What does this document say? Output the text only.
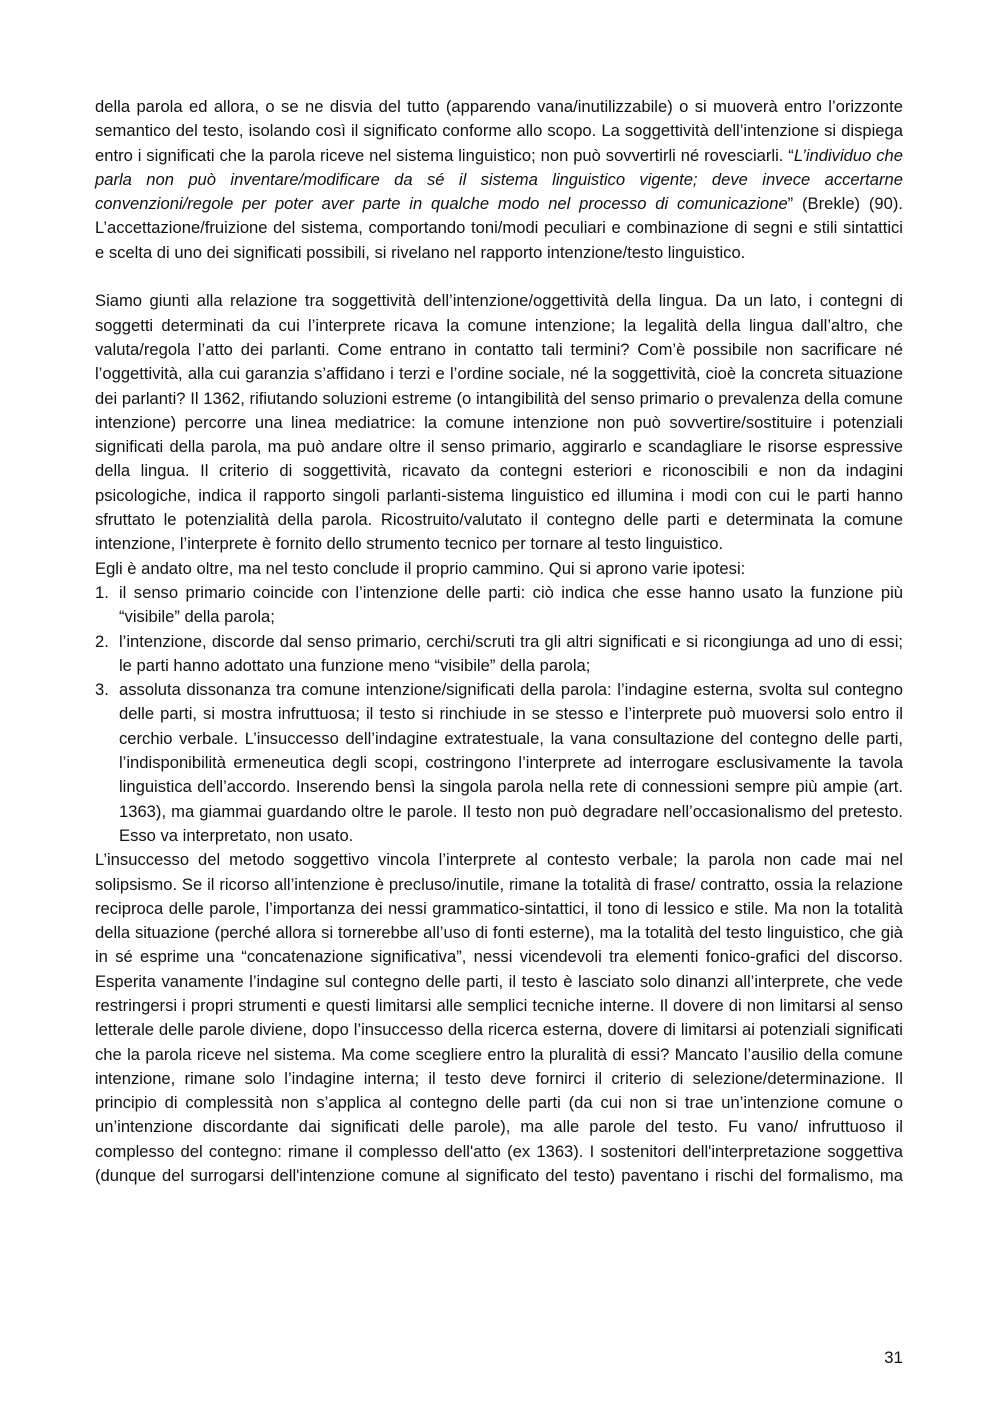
della parola ed allora, o se ne disvia del tutto (apparendo vana/inutilizzabile) o si muoverà entro l’orizzonte semantico del testo, isolando così il significato conforme allo scopo. La soggettività dell’intenzione si dispiega entro i significati che la parola riceve nel sistema linguistico; non può sovvertirli né rovesciarli. “L’individuo che parla non può inventare/modificare da sé il sistema linguistico vigente; deve invece accertarne convenzioni/regole per poter aver parte in qualche modo nel processo di comunicazione” (Brekle) (90). L’accettazione/fruizione del sistema, comportando toni/modi peculiari e combinazione di segni e stili sintattici e scelta di uno dei significati possibili, si rivelano nel rapporto intenzione/testo linguistico.

Siamo giunti alla relazione tra soggettività dell’intenzione/oggettività della lingua. Da un lato, i contegni di soggetti determinati da cui l’interprete ricava la comune intenzione; la legalità della lingua dall’altro, che valuta/regola l’atto dei parlanti. Come entrano in contatto tali termini? Com’è possibile non sacrificare né l’oggettività, alla cui garanzia s’affidano i terzi e l’ordine sociale, né la soggettività, cioè la concreta situazione dei parlanti? Il 1362, rifiutando soluzioni estreme (o intangibilità del senso primario o prevalenza della comune intenzione) percorre una linea mediatrice: la comune intenzione non può sovvertire/sostituire i potenziali significati della parola, ma può andare oltre il senso primario, aggirarlo e scandagliare le risorse espressive della lingua. Il criterio di soggettività, ricavato da contegni esteriori e riconoscibili e non da indagini psicologiche, indica il rapporto singoli parlanti-sistema linguistico ed illumina i modi con cui le parti hanno sfruttato le potenzialità della parola. Ricostruito/valutato il contegno delle parti e determinata la comune intenzione, l’interprete è fornito dello strumento tecnico per tornare al testo linguistico.

Egli è andato oltre, ma nel testo conclude il proprio cammino. Qui si aprono varie ipotesi:

1. il senso primario coincide con l’intenzione delle parti: ciò indica che esse hanno usato la funzione più “visibile” della parola;
2. l’intenzione, discorde dal senso primario, cerchi/scruti tra gli altri significati e si ricongiunga ad uno di essi; le parti hanno adottato una funzione meno “visibile” della parola;
3. assoluta dissonanza tra comune intenzione/significati della parola: l’indagine esterna, svolta sul contegno delle parti, si mostra infruttuosa; il testo si rinchiude in se stesso e l’interprete può muoversi solo entro il cerchio verbale. L’insuccesso dell’indagine extratestuale, la vana consultazione del contegno delle parti, l’indisponibilità ermeneutica degli scopi, costringono l’interprete ad interrogare esclusivamente la tavola linguistica dell’accordo. Inserendo bensì la singola parola nella rete di connessioni sempre più ampie (art. 1363), ma giammai guardando oltre le parole. Il testo non può degradare nell’occasionalismo del pretesto. Esso va interpretato, non usato.

L’insuccesso del metodo soggettivo vincola l’interprete al contesto verbale; la parola non cade mai nel solipsismo. Se il ricorso all’intenzione è precluso/inutile, rimane la totalità di frase/ contratto, ossia la relazione reciproca delle parole, l’importanza dei nessi grammatico-sintattici, il tono di lessico e stile. Ma non la totalità della situazione (perché allora si tornerebbe all’uso di fonti esterne), ma la totalità del testo linguistico, che già in sé esprime una “concatenazione significativa”, nessi vicendevoli tra elementi fonico-grafici del discorso. Esperita vanamente l’indagine sul contegno delle parti, il testo è lasciato solo dinanzi all’interprete, che vede restringersi i propri strumenti e questi limitarsi alle semplici tecniche interne. Il dovere di non limitarsi al senso letterale delle parole diviene, dopo l’insuccesso della ricerca esterna, dovere di limitarsi ai potenziali significati che la parola riceve nel sistema. Ma come scegliere entro la pluralità di essi? Mancato l’ausilio della comune intenzione, rimane solo l’indagine interna; il testo deve fornirci il criterio di selezione/determinazione. Il principio di complessità non s’applica al contegno delle parti (da cui non si trae un’intenzione comune o un’intenzione discordante dai significati delle parole), ma alle parole del testo. Fu vano/ infruttuoso il complesso del contegno: rimane il complesso dell'atto (ex 1363). I sostenitori dell'interpretazione soggettiva (dunque del surrogarsi dell'intenzione comune al significato del testo) paventano i rischi del formalismo, ma

31
